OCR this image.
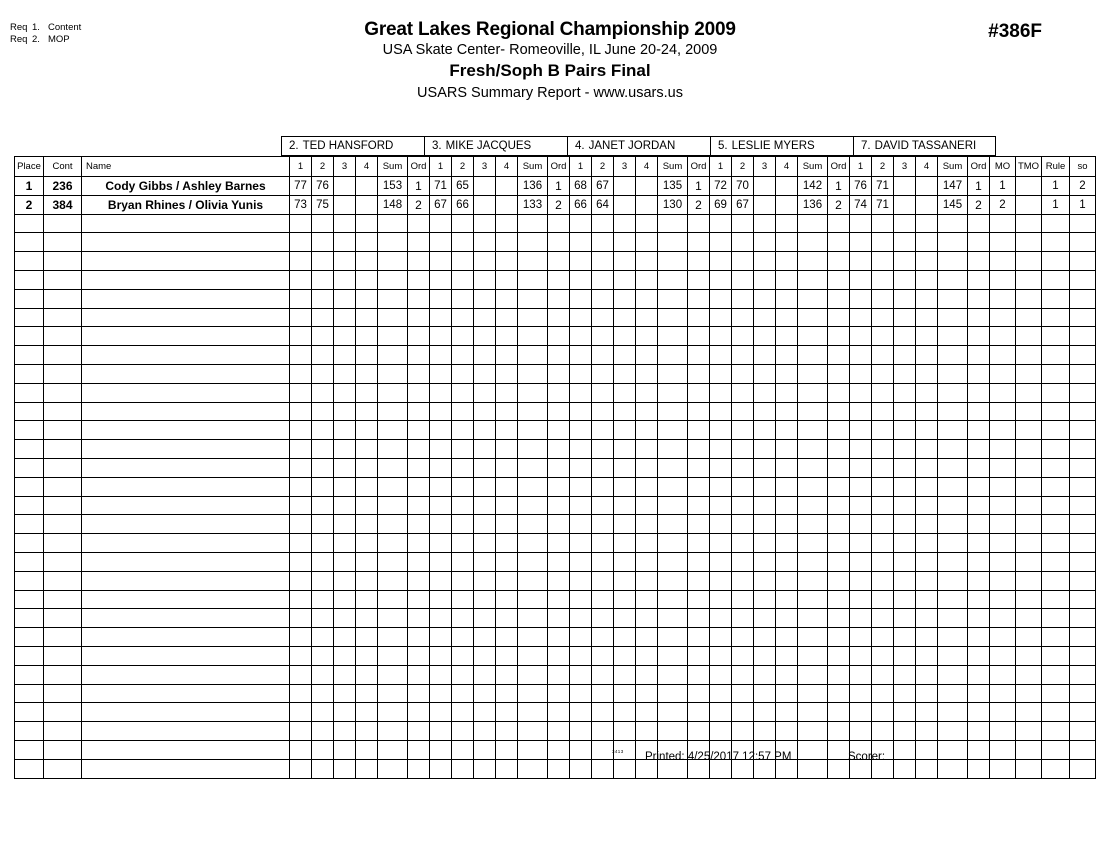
Req 1. Content
Req 2. MOP	Great Lakes Regional Championship 2009
USA Skate Center- Romeoville, IL June 20-24, 2009
Fresh/Soph B Pairs Final
USARS Summary Report - www.usars.us
#386F
2. TED HANSFORD	3. MIKE JACQUES	4. JANET JORDAN	5. LESLIE MYERS	7. DAVID TASSANERI
Place	Cont	Name	1	2	3	4	Sum	Ord	1	2	3	4	Sum	Ord	1	2	3	4	Sum	Ord	1	2	3	4	Sum	Ord	1	2	3	4	Sum	Ord	MO	TMO	Rule	so
1	236	Cody Gibbs / Ashley Barnes	77	76			153	1	71	65			136	1	68	67			135	1	72	70			142	1	76	71			147	1	1		1	2
2	384	Bryan Rhines / Olivia Yunis	73	75			148	2	67	66			133	2	66	64			130	2	69	67			136	2	74	71			145	2	2		1	1

3413 Printed: 4/25/2017 12:57 PM	Scorer:
